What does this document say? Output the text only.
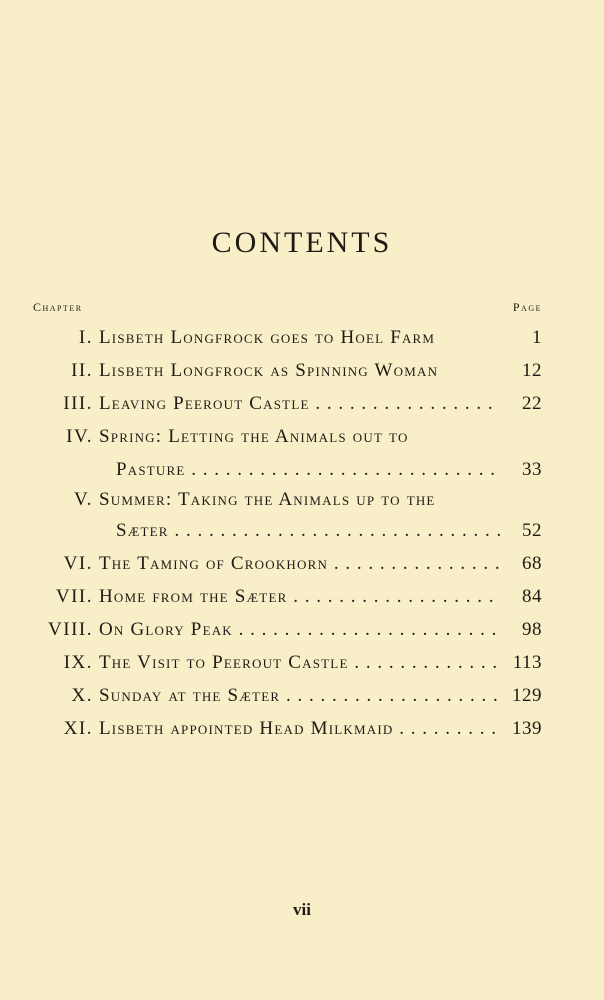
CONTENTS
Chapter	Page
I. Lisbeth Longfrock goes to Hoel Farm	1
II. Lisbeth Longfrock as Spinning Woman	12
III. Leaving Peerout Castle . . .	22
IV. Spring: Letting the Animals out to
Pasture . . .	33
V. Summer: Taking the Animals up to the
Sæter . . .	52
VI. The Taming of Crookhorn . . .	68
VII. Home from the Sæter . . .	84
VIII. On Glory Peak . . .	98
IX. The Visit to Peerout Castle . . .	113
X. Sunday at the Sæter . . .	129
XI. Lisbeth appointed Head Milkmaid . . .	139
vii
